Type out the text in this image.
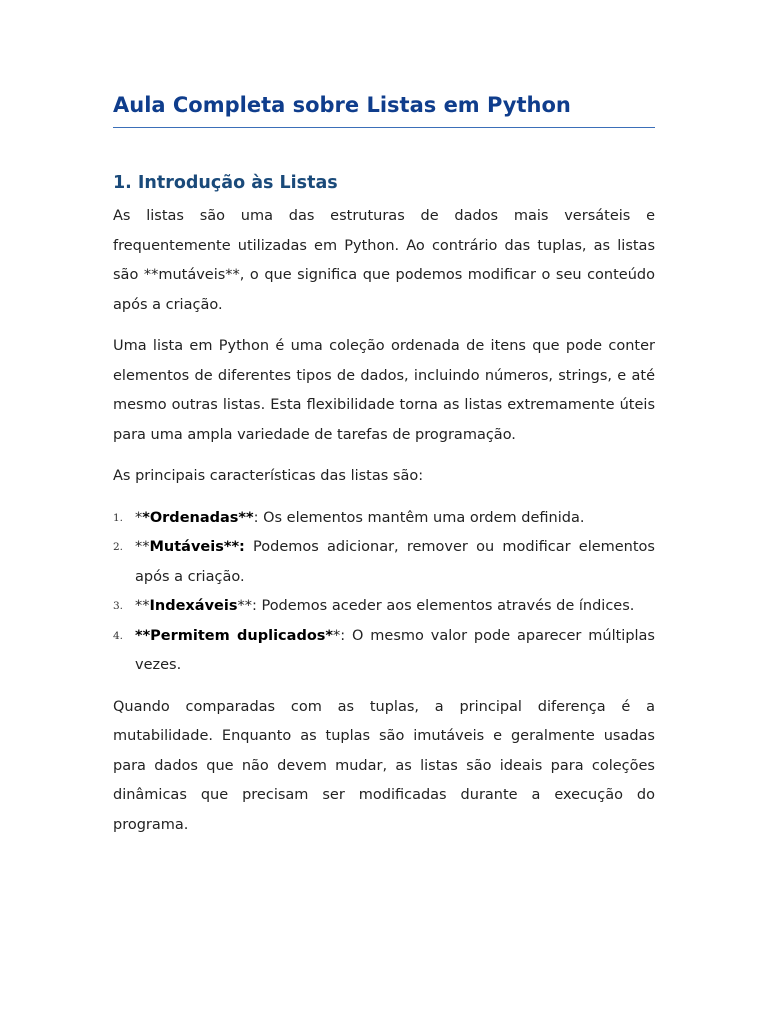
Aula Completa sobre Listas em Python
1. Introdução às Listas

As listas são uma das estruturas de dados mais versáteis e frequentemente utilizadas em Python. Ao contrário das tuplas, as listas são **mutáveis**, o que significa que podemos modificar o seu conteúdo após a criação.

Uma lista em Python é uma coleção ordenada de itens que pode conter elementos de diferentes tipos de dados, incluindo números, strings, e até mesmo outras listas. Esta flexibilidade torna as listas extremamente úteis para uma ampla variedade de tarefas de programação.

As principais características das listas são:

1. **Ordenadas**: Os elementos mantêm uma ordem definida.
2. **Mutáveis**: Podemos adicionar, remover ou modificar elementos após a criação.
3. **Indexáveis**: Podemos aceder aos elementos através de índices.
4. **Permitem duplicados**: O mesmo valor pode aparecer múltiplas vezes.

Quando comparadas com as tuplas, a principal diferença é a mutabilidade. Enquanto as tuplas são imutáveis e geralmente usadas para dados que não devem mudar, as listas são ideais para coleções dinâmicas que precisam ser modificadas durante a execução do programa.
